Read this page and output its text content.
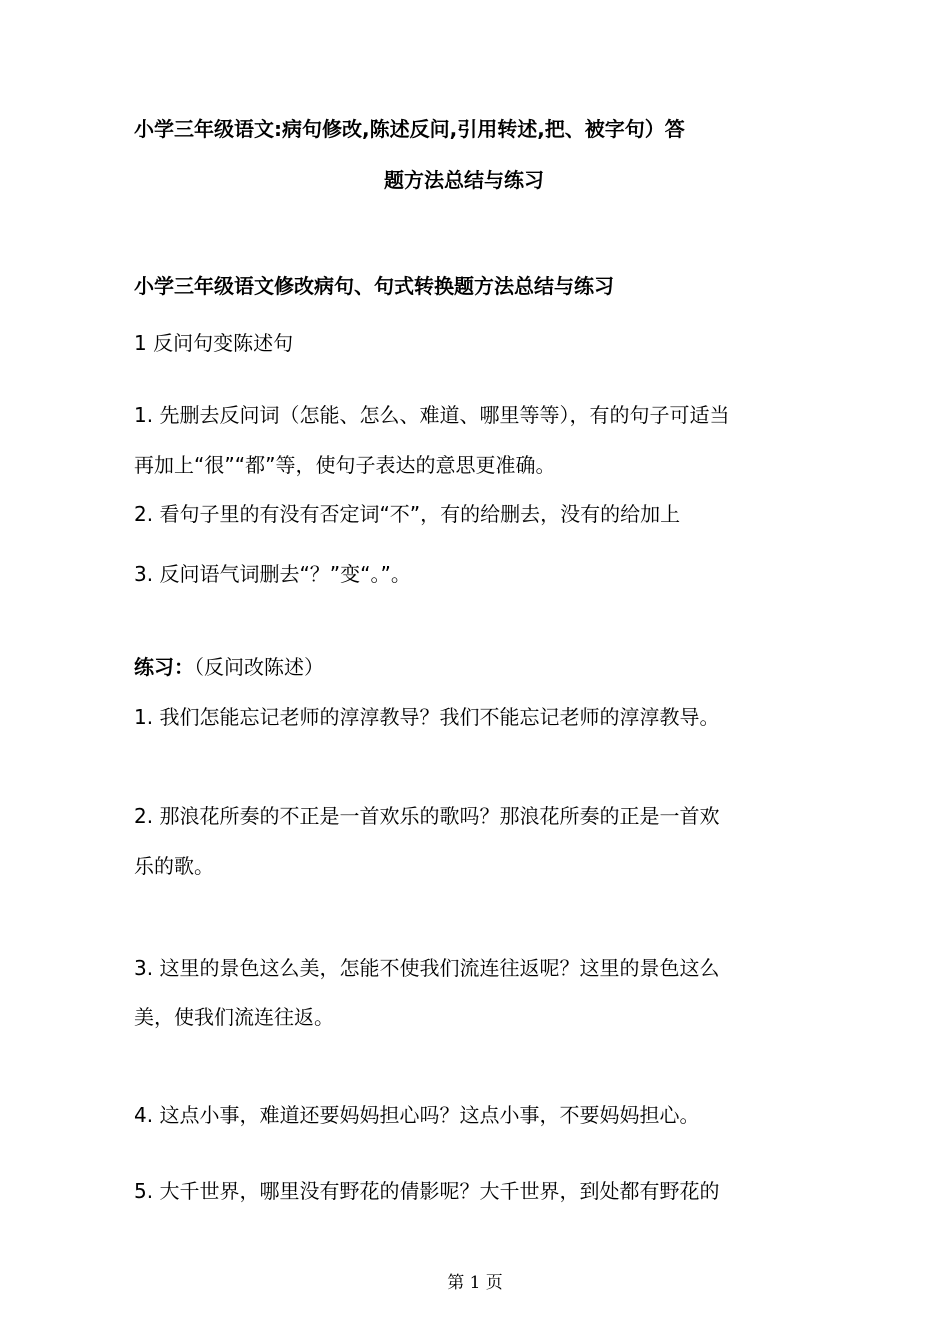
小学三年级语文:病句修改,陈述反问,引用转述,把、被字句）答
题方法总结与练习
小学三年级语文修改病句、句式转换题方法总结与练习
1 反问句变陈述句
1. 先删去反问词（怎能、怎么、难道、哪里等等），有的句子可适当
再加上“很”“都”等，使句子表达的意思更准确。
2. 看句子里的有没有否定词“不”，有的给删去，没有的给加上
3. 反问语气词删去“？”变“。”。
练习：（反问改陈述）
1. 我们怎能忘记老师的淳淳教导？我们不能忘记老师的淳淳教导。
2. 那浪花所奏的不正是一首欢乐的歌吗？那浪花所奏的正是一首欢
乐的歌。
3. 这里的景色这么美，怎能不使我们流连往返呢？这里的景色这么
美，使我们流连往返。
4. 这点小事，难道还要妈妈担心吗？这点小事，不要妈妈担心。
5. 大千世界，哪里没有野花的倩影呢？大千世界，到处都有野花的
第 1 页
